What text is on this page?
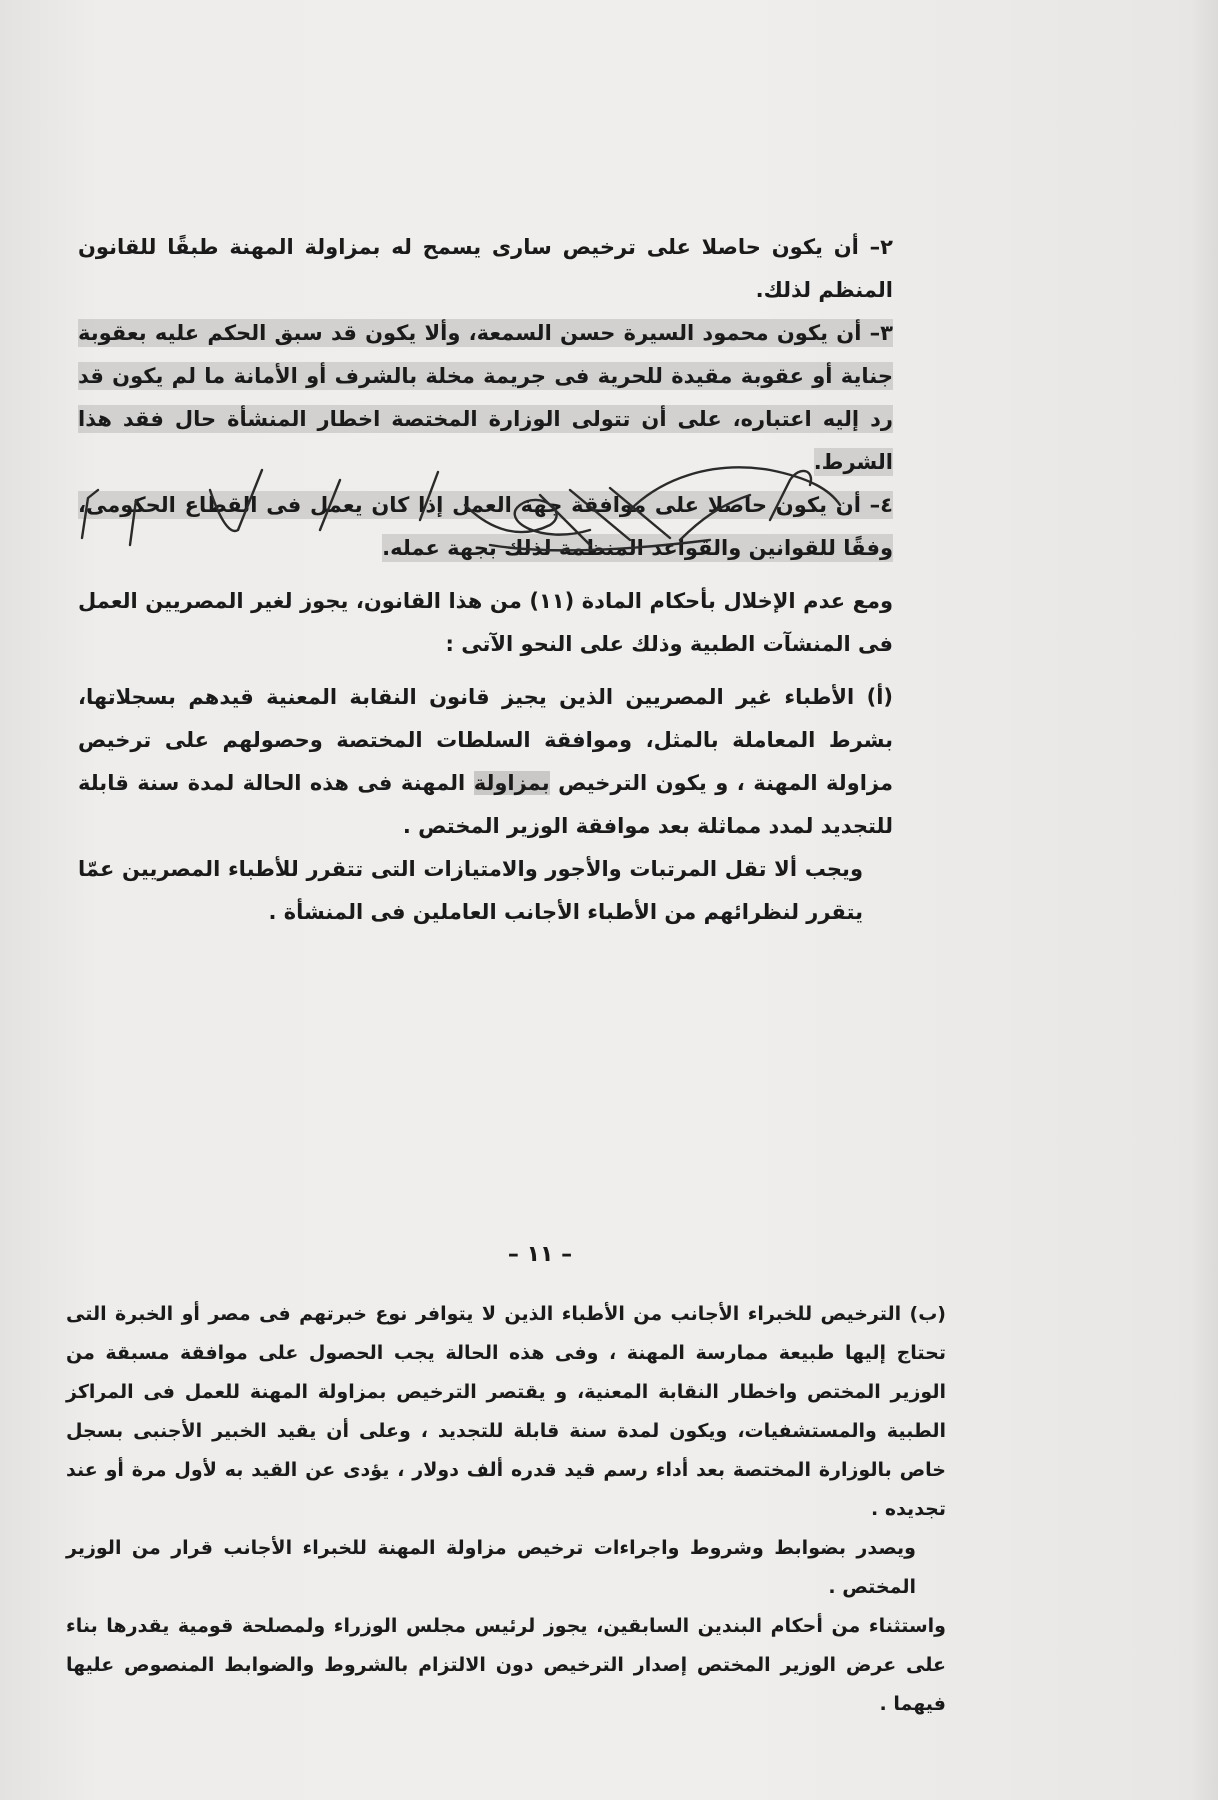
٢– أن يكون حاصلا على ترخيص سارى يسمح له بمزاولة المهنة طبقًا للقانون المنظم لذلك.

٣– أن يكون محمود السيرة حسن السمعة، وألا يكون قد سبق الحكم عليه بعقوبة جناية أو عقوبة مقيدة للحرية فى جريمة مخلة بالشرف أو الأمانة ما لم يكون قد رد إليه اعتباره، على أن تتولى الوزارة المختصة اخطار المنشأة حال فقد هذا الشرط.

٤– أن يكون حاصلا على موافقة جهة العمل إذا كان يعمل فى القطاع الحكومى، وفقًا للقوانين والقواعد المنظمة لذلك بجهة عمله.

ومع عدم الإخلال بأحكام المادة (١١) من هذا القانون، يجوز لغير المصريين العمل فى المنشآت الطبية وذلك على النحو الآتى :

(أ) الأطباء غير المصريين الذين يجيز قانون النقابة المعنية قيدهم بسجلاتها، بشرط المعاملة بالمثل، وموافقة السلطات المختصة وحصولهم على ترخيص مزاولة المهنة ، و يكون الترخيص بمزاولة المهنة فى هذه الحالة لمدة سنة قابلة للتجديد لمدد مماثلة بعد موافقة الوزير المختص .

ويجب ألا تقل المرتبات والأجور والامتيازات التى تتقرر للأطباء المصريين عمّا يتقرر لنظرائهم من الأطباء الأجانب العاملين فى المنشأة .

– ١١ –

(ب) الترخيص للخبراء الأجانب من الأطباء الذين لا يتوافر نوع خبرتهم فى مصر أو الخبرة التى تحتاج إليها طبيعة ممارسة المهنة ، وفى هذه الحالة يجب الحصول على موافقة مسبقة من الوزير المختص واخطار النقابة المعنية، و يقتصر الترخيص بمزاولة المهنة للعمل فى المراكز الطبية والمستشفيات، ويكون لمدة سنة قابلة للتجديد ، وعلى أن يقيد الخبير الأجنبى بسجل خاص بالوزارة المختصة بعد أداء رسم قيد قدره ألف دولار ، يؤدى عن القيد به لأول مرة أو عند تجديده .

ويصدر بضوابط وشروط واجراءات ترخيص مزاولة المهنة للخبراء الأجانب قرار من الوزير المختص .

واستثناء من أحكام البندين السابقين، يجوز لرئيس مجلس الوزراء ولمصلحة قومية يقدرها بناء على عرض الوزير المختص إصدار الترخيص دون الالتزام بالشروط والضوابط المنصوص عليها فيهما .
